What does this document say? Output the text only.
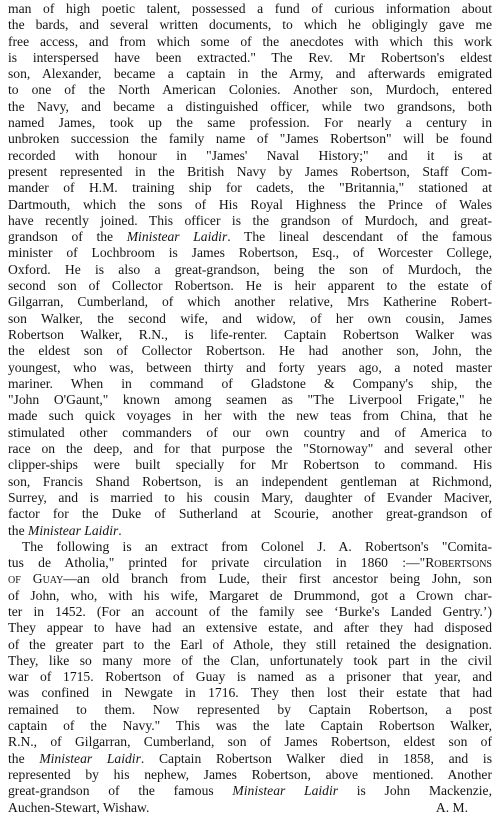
man of high poetic talent, possessed a fund of curious information about
the bards, and several written documents, to which he obligingly gave me
free access, and from which some of the anecdotes with which this work
is interspersed have been extracted." The Rev. Mr Robertson's eldest
son, Alexander, became a captain in the Army, and afterwards emigrated
to one of the North American Colonies. Another son, Murdoch, entered
the Navy, and became a distinguished officer, while two grandsons, both
named James, took up the same profession. For nearly a century in
unbroken succession the family name of "James Robertson" will be found
recorded with honour in "James' Naval History;" and it is at
present represented in the British Navy by James Robertson, Staff Com-
mander of H.M. training ship for cadets, the "Britannia," stationed at
Dartmouth, which the sons of His Royal Highness the Prince of Wales
have recently joined. This officer is the grandson of Murdoch, and great-
grandson of the Ministear Laidir. The lineal descendant of the famous
minister of Lochbroom is James Robertson, Esq., of Worcester College,
Oxford. He is also a great-grandson, being the son of Murdoch, the
second son of Collector Robertson. He is heir apparent to the estate of
Gilgarran, Cumberland, of which another relative, Mrs Katherine Robert-
son Walker, the second wife, and widow, of her own cousin, James
Robertson Walker, R.N., is life-renter. Captain Robertson Walker was
the eldest son of Collector Robertson. He had another son, John, the
youngest, who was, between thirty and forty years ago, a noted master
mariner. When in command of Gladstone & Company's ship, the
"John O'Gaunt," known among seamen as "The Liverpool Frigate," he
made such quick voyages in her with the new teas from China, that he
stimulated other commanders of our own country and of America to
race on the deep, and for that purpose the "Stornoway" and several other
clipper-ships were built specially for Mr Robertson to command. His
son, Francis Shand Robertson, is an independent gentleman at Richmond,
Surrey, and is married to his cousin Mary, daughter of Evander Maciver,
factor for the Duke of Sutherland at Scourie, another great-grandson of
the Ministear Laidir.
The following is an extract from Colonel J. A. Robertson's "Comita-
tus de Atholia," printed for private circulation in 1860 :—"Robertsons
of Guay—an old branch from Lude, their first ancestor being John, son
of John, who, with his wife, Margaret de Drummond, got a Crown char-
ter in 1452. (For an account of the family see ‘Burke's Landed Gentry.’)
They appear to have had an extensive estate, and after they had disposed
of the greater part to the Earl of Athole, they still retained the designation.
They, like so many more of the Clan, unfortunately took part in the civil
war of 1715. Robertson of Guay is named as a prisoner that year, and
was confined in Newgate in 1716. They then lost their estate that had
remained to them. Now represented by Captain Robertson, a post
captain of the Navy." This was the late Captain Robertson Walker,
R.N., of Gilgarran, Cumberland, son of James Robertson, eldest son of
the Ministear Laidir. Captain Robertson Walker died in 1858, and is
represented by his nephew, James Robertson, above mentioned. Another
great-grandson of the famous Ministear Laidir is John Mackenzie,
Auchen-Stewart, Wishaw.	A. M.
